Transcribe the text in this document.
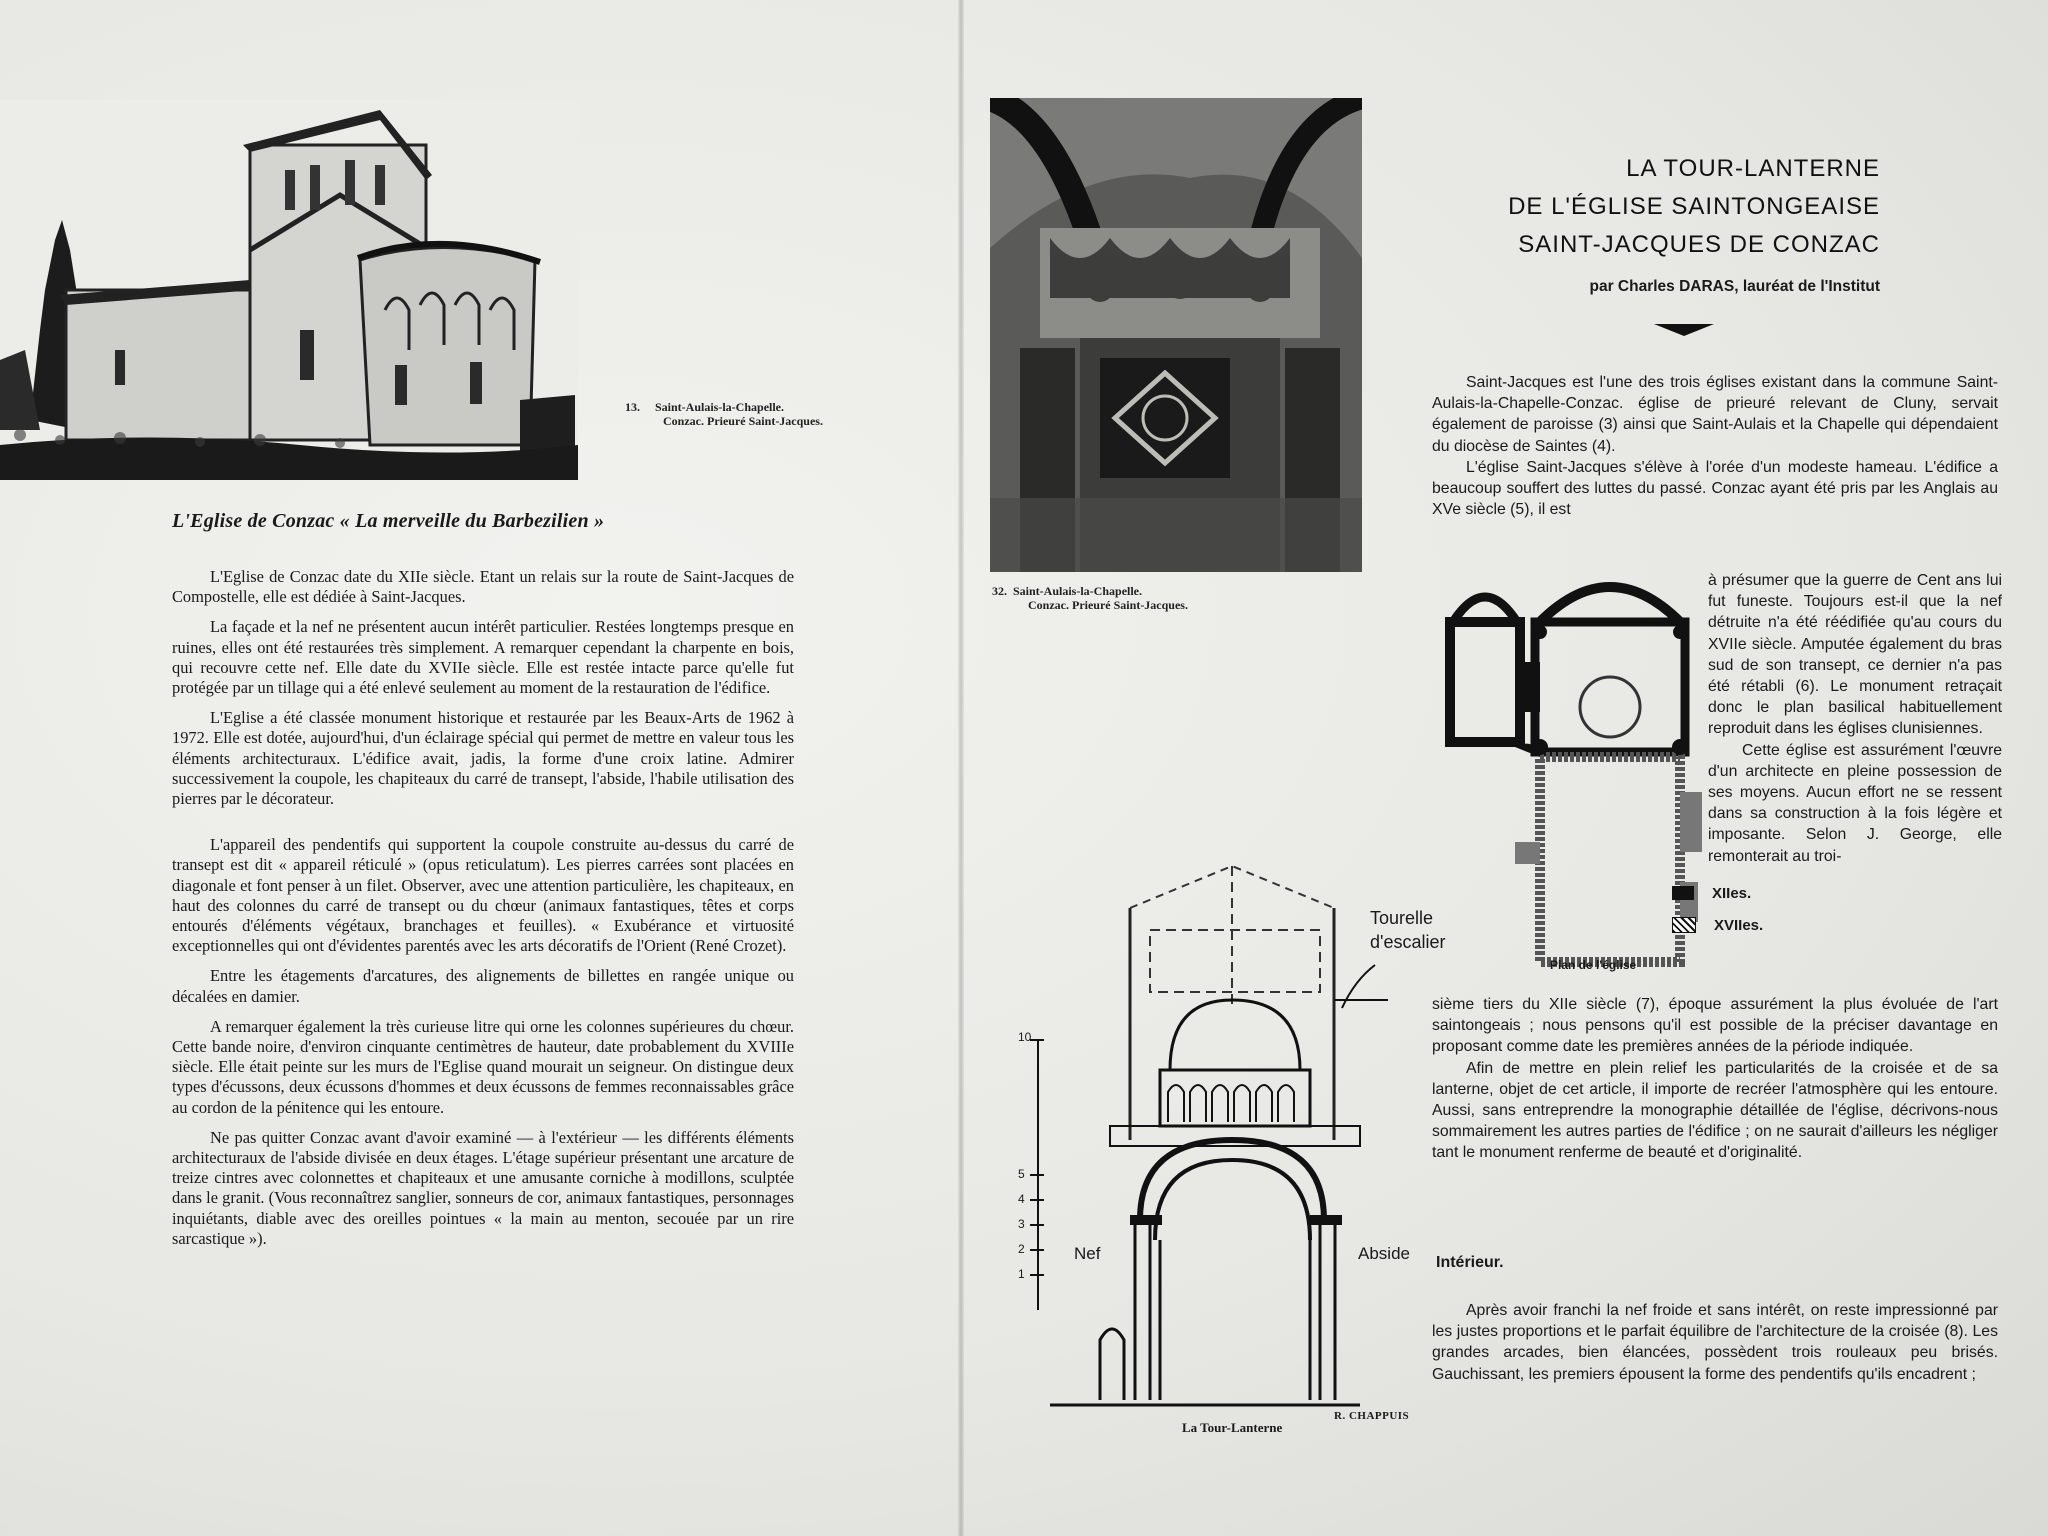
13. Saint-Aulais-la-Chapelle.
Conzac. Prieuré Saint-Jacques.
L'Eglise de Conzac « La merveille du Barbezilien »

L'Eglise de Conzac date du XIIe siècle. Etant un relais sur la route de Saint-Jacques de Compostelle, elle est dédiée à Saint-Jacques.

La façade et la nef ne présentent aucun intérêt particulier. Restées longtemps presque en ruines, elles ont été restaurées très simplement. A remarquer cependant la charpente en bois, qui recouvre cette nef. Elle date du XVIIe siècle. Elle est restée intacte parce qu'elle fut protégée par un tillage qui a été enlevé seulement au moment de la restauration de l'édifice.

L'Eglise a été classée monument historique et restaurée par les Beaux-Arts de 1962 à 1972. Elle est dotée, aujourd'hui, d'un éclairage spécial qui permet de mettre en valeur tous les éléments architecturaux. L'édifice avait, jadis, la forme d'une croix latine. Admirer successivement la coupole, les chapiteaux du carré de transept, l'abside, l'habile utilisation des pierres par le décorateur.

L'appareil des pendentifs qui supportent la coupole construite au-dessus du carré de transept est dit « appareil réticulé » (opus reticulatum). Les pierres carrées sont placées en diagonale et font penser à un filet. Observer, avec une attention particulière, les chapiteaux, en haut des colonnes du carré de transept ou du chœur (animaux fantastiques, têtes et corps entourés d'éléments végétaux, branchages et feuilles). « Exubérance et virtuosité exceptionnelles qui ont d'évidentes parentés avec les arts décoratifs de l'Orient (René Crozet).

Entre les étagements d'arcatures, des alignements de billettes en rangée unique ou décalées en damier.

A remarquer également la très curieuse litre qui orne les colonnes supérieures du chœur. Cette bande noire, d'environ cinquante centimètres de hauteur, date probablement du XVIIIe siècle. Elle était peinte sur les murs de l'Eglise quand mourait un seigneur. On distingue deux types d'écussons, deux écussons d'hommes et deux écussons de femmes reconnaissables grâce au cordon de la pénitence qui les entoure.

Ne pas quitter Conzac avant d'avoir examiné — à l'extérieur — les différents éléments architecturaux de l'abside divisée en deux étages. L'étage supérieur présentant une arcature de treize cintres avec colonnettes et chapiteaux et une amusante corniche à modillons, sculptée dans le granit. (Vous reconnaîtrez sanglier, sonneurs de cor, animaux fantastiques, personnages inquiétants, diable avec des oreilles pointues « la main au menton, secouée par un rire sarcastique »).

32. Saint-Aulais-la-Chapelle.
Conzac. Prieuré Saint-Jacques.
LA TOUR-LANTERNE
DE L'ÉGLISE SAINTONGEAISE
SAINT-JACQUES DE CONZAC
par Charles DARAS, lauréat de l'Institut

Saint-Jacques est l'une des trois églises existant dans la commune Saint-Aulais-la-Chapelle-Conzac. église de prieuré relevant de Cluny, servait également de paroisse (3) ainsi que Saint-Aulais et la Chapelle qui dépendaient du diocèse de Saintes (4).

L'église Saint-Jacques s'élève à l'orée d'un modeste hameau. L'édifice a beaucoup souffert des luttes du passé. Conzac ayant été pris par les Anglais au XVe siècle (5), il est

XIIes.
XVIIes.
Plan de l'église

à présumer que la guerre de Cent ans lui fut funeste. Toujours est-il que la nef détruite n'a été réédifiée qu'au cours du XVIIe siècle. Amputée également du bras sud de son transept, ce dernier n'a pas été rétabli (6). Le monument retraçait donc le plan basilical habituellement reproduit dans les églises clunisiennes.

Cette église est assurément l'œuvre d'un architecte en pleine possession de ses moyens. Aucun effort ne se ressent dans sa construction à la fois légère et imposante. Selon J. George, elle remonterait au troi-

sième tiers du XIIe siècle (7), époque assurément la plus évoluée de l'art saintongeais ; nous pensons qu'il est possible de la préciser davantage en proposant comme date les premières années de la période indiquée.

Afin de mettre en plein relief les particularités de la croisée et de sa lanterne, objet de cet article, il importe de recréer l'atmosphère qui les entoure. Aussi, sans entreprendre la monographie détaillée de l'église, décrivons-nous sommairement les autres parties de l'édifice ; on ne saurait d'ailleurs les négliger tant le monument renferme de beauté et d'originalité.

Intérieur.

Après avoir franchi la nef froide et sans intérêt, on reste impressionné par les justes proportions et le parfait équilibre de l'architecture de la croisée (8). Les grandes arcades, bien élancées, possèdent trois rouleaux peu brisés. Gauchissant, les premiers épousent la forme des pendentifs qu'ils encadrent ;

10
5
4
3
2
1
Tourelle
d'escalier
Nef	Abside
La Tour-Lanterne
R. CHAPPUIS
